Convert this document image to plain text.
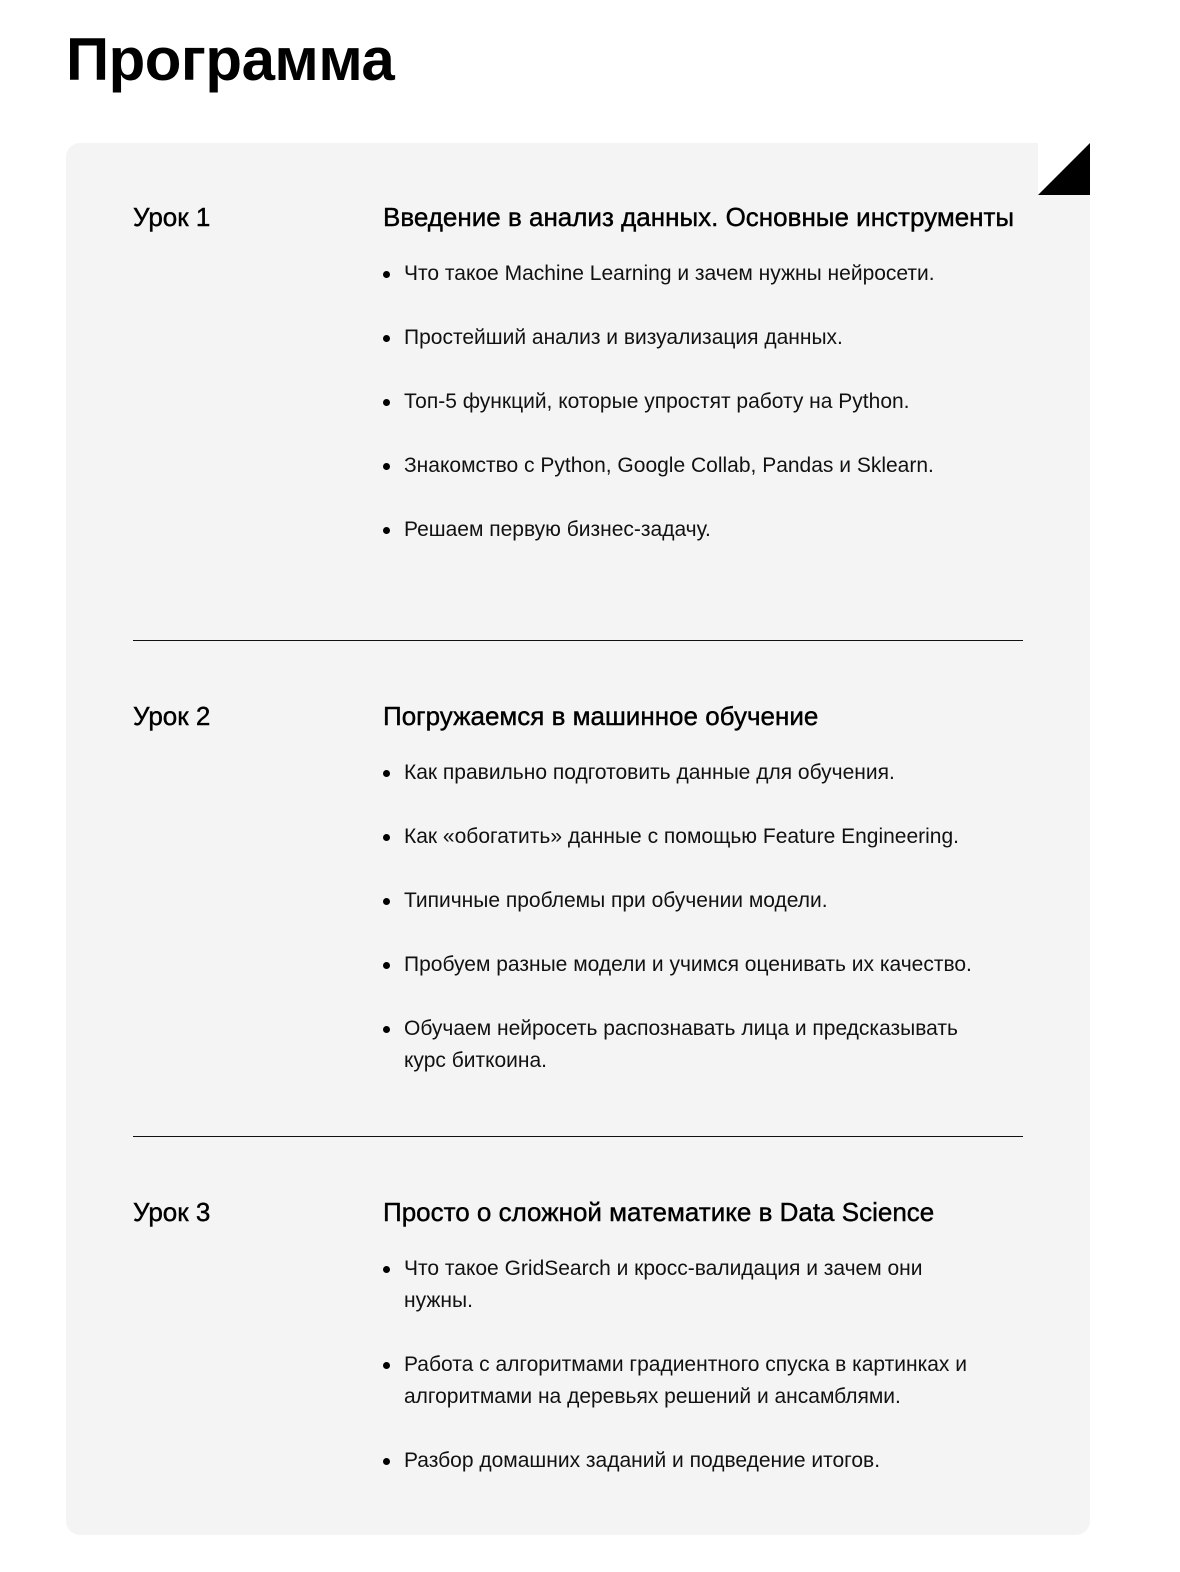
Программа
Урок 1	Введение в анализ данных. Основные инструменты
Что такое Machine Learning и зачем нужны нейросети.
Простейший анализ и визуализация данных.
Топ-5 функций, которые упростят работу на Python.
Знакомство с Python, Google Collab, Pandas и Sklearn.
Решаем первую бизнес-задачу.
Урок 2	Погружаемся в машинное обучение
Как правильно подготовить данные для обучения.
Как «обогатить» данные с помощью Feature Engineering.
Типичные проблемы при обучении модели.
Пробуем разные модели и учимся оценивать их качество.
Обучаем нейросеть распознавать лица и предсказывать курс биткоина.
Урок 3	Просто о сложной математике в Data Science
Что такое GridSearch и кросс-валидация и зачем они нужны.
Работа с алгоритмами градиентного спуска в картинках и алгоритмами на деревьях решений и ансамблями.
Разбор домашних заданий и подведение итогов.
